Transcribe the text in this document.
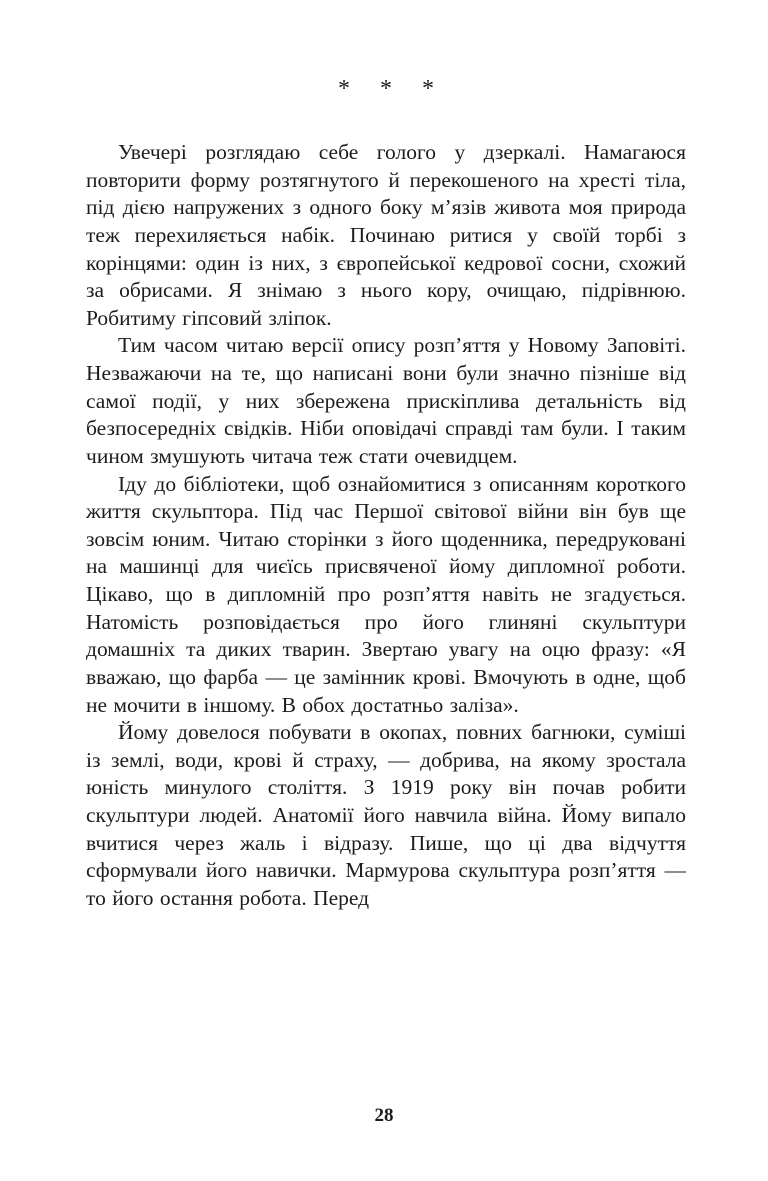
* * *

Увечері розглядаю себе голого у дзеркалі. Намагаюся повторити форму розтягнутого й перекошеного на хресті тіла, під дією напружених з одного боку м’язів живота моя природа теж перехиляється набік. Починаю ритися у своїй торбі з корінцями: один із них, з європейської кедрової сосни, схожий за обрисами. Я знімаю з нього кору, очищаю, підрівнюю. Робитиму гіпсовий зліпок.

Тим часом читаю версії опису розп’яття у Новому Заповіті. Незважаючи на те, що написані вони були значно пізніше від самої події, у них збережена прискіплива детальність від безпосередніх свідків. Ніби оповідачі справді там були. І таким чином змушують читача теж стати очевидцем.

Іду до бібліотеки, щоб ознайомитися з описанням короткого життя скульптора. Під час Першої світової війни він був ще зовсім юним. Читаю сторінки з його щоденника, передруковані на машинці для чиєїсь присвяченої йому дипломної роботи. Цікаво, що в дипломній про розп’яття навіть не згадується. Натомість розповідається про його глиняні скульптури домашніх та диких тварин. Звертаю увагу на оцю фразу: «Я вважаю, що фарба — це замінник крові. Вмочують в одне, щоб не мочити в іншому. В обох достатньо заліза».

Йому довелося побувати в окопах, повних багнюки, суміші із землі, води, крові й страху, — добрива, на якому зростала юність минулого століття. З 1919 року він почав робити скульптури людей. Анатомії його навчила війна. Йому випало вчитися через жаль і відразу. Пише, що ці два відчуття сформували його навички. Мармурова скульптура розп’яття — то його остання робота. Перед

28
